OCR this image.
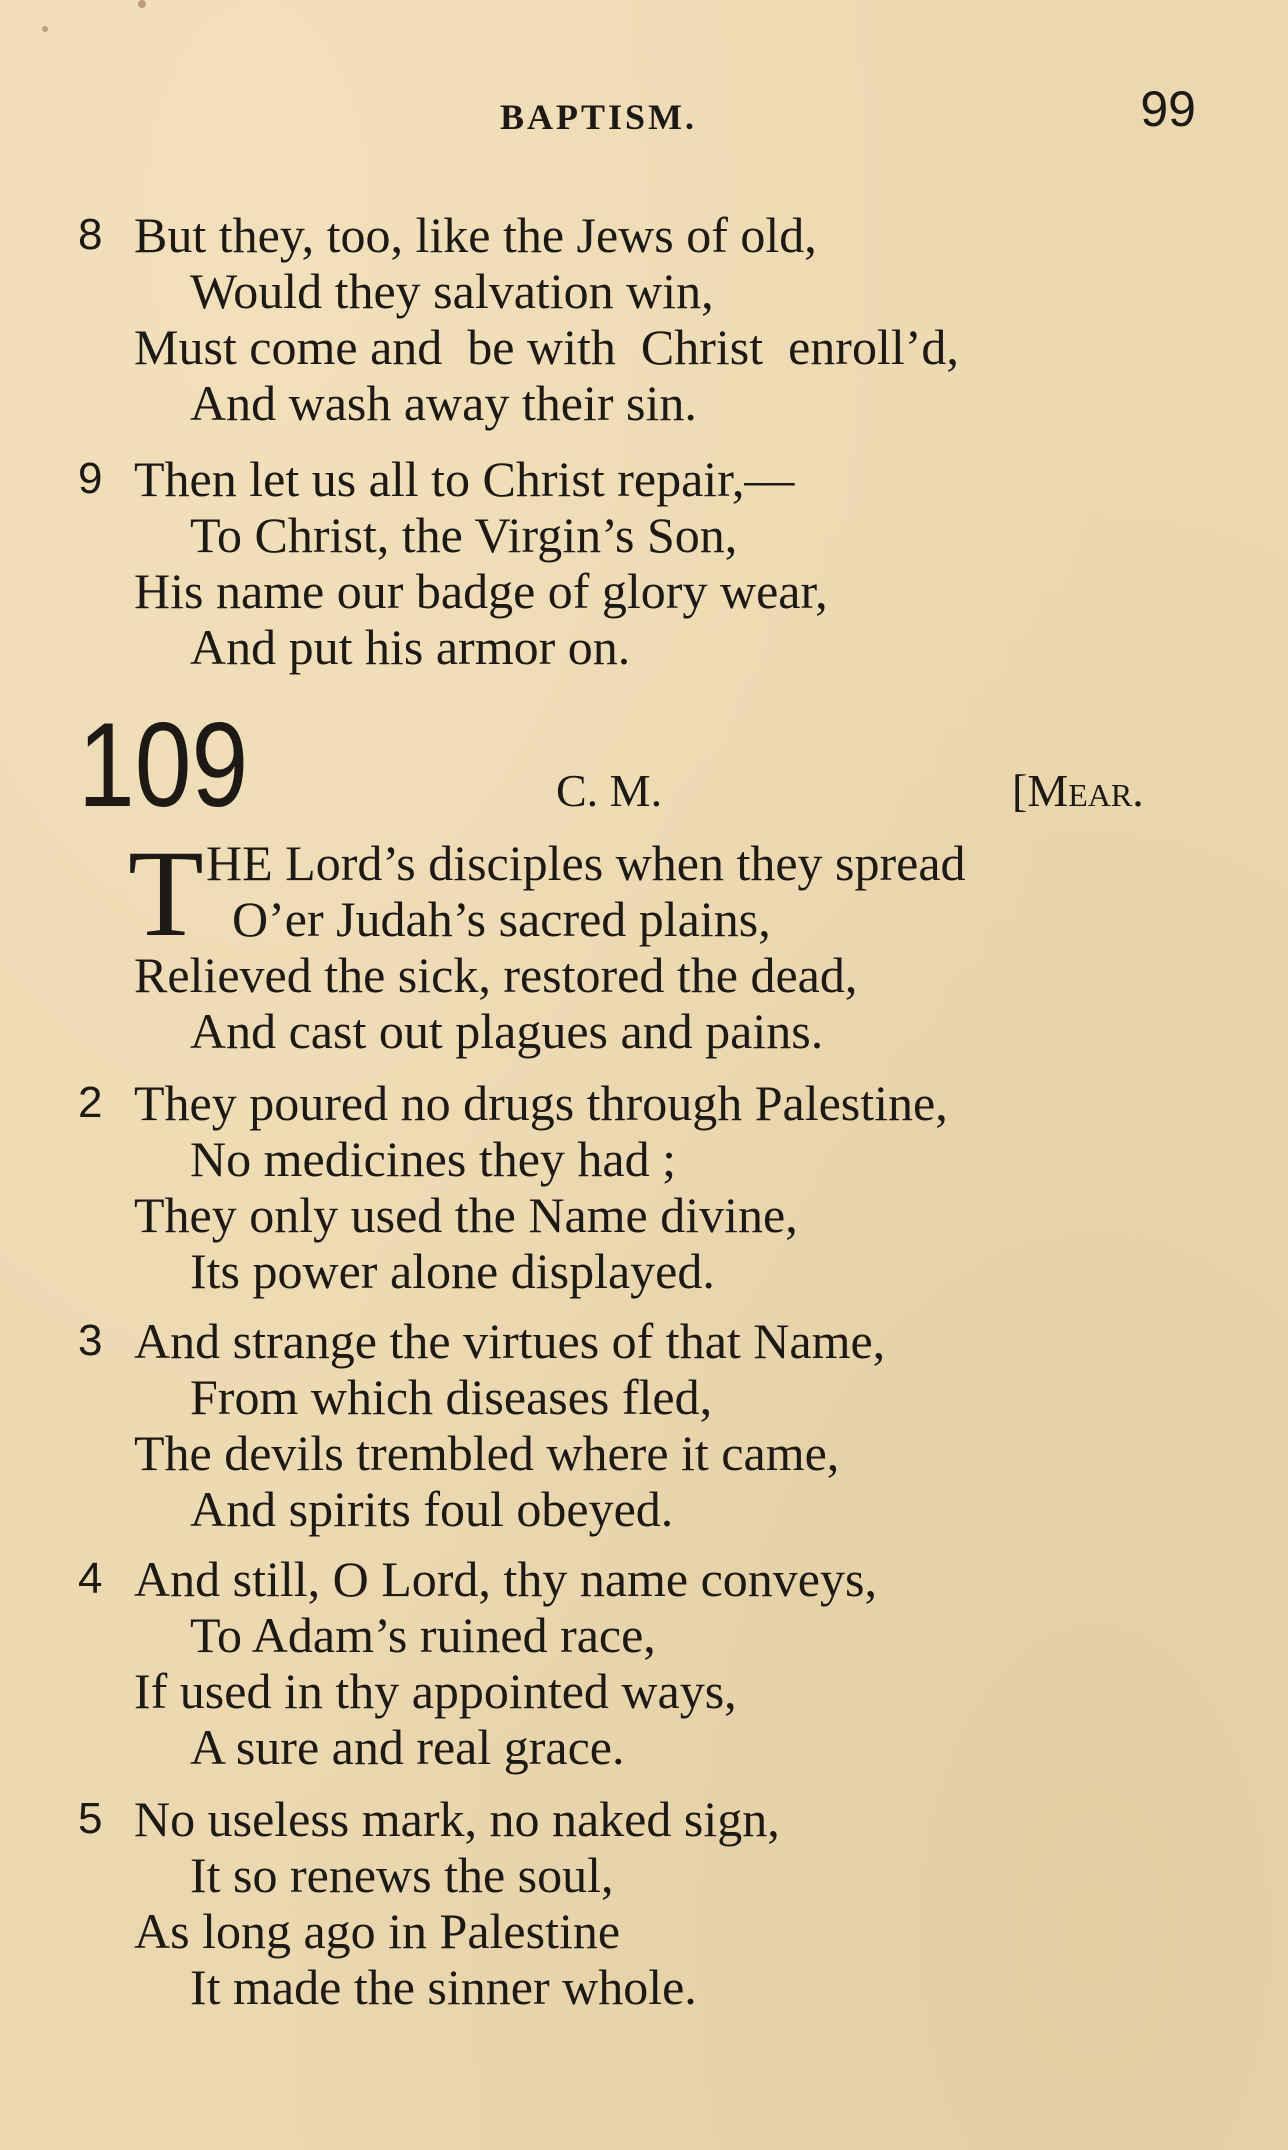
BAPTISM.	99
8 But they, too, like the Jews of old,
Would they salvation win,
Must come and  be with  Christ  enroll’d,
And wash away their sin.
9 Then let us all to Christ repair,—
To Christ, the Virgin’s Son,
His name our badge of glory wear,
And put his armor on.
109	C. M.	[Mear.
T HE Lord’s disciples when they spread
O’er Judah’s sacred plains,
Relieved the sick, restored the dead,
And cast out plagues and pains.
2 They poured no drugs through Palestine,
No medicines they had ;
They only used the Name divine,
Its power alone displayed.
3 And strange the virtues of that Name,
From which diseases fled,
The devils trembled where it came,
And spirits foul obeyed.
4 And still, O Lord, thy name conveys,
To Adam’s ruined race,
If used in thy appointed ways,
A sure and real grace.
5 No useless mark, no naked sign,
It so renews the soul,
As long ago in Palestine
It made the sinner whole.
